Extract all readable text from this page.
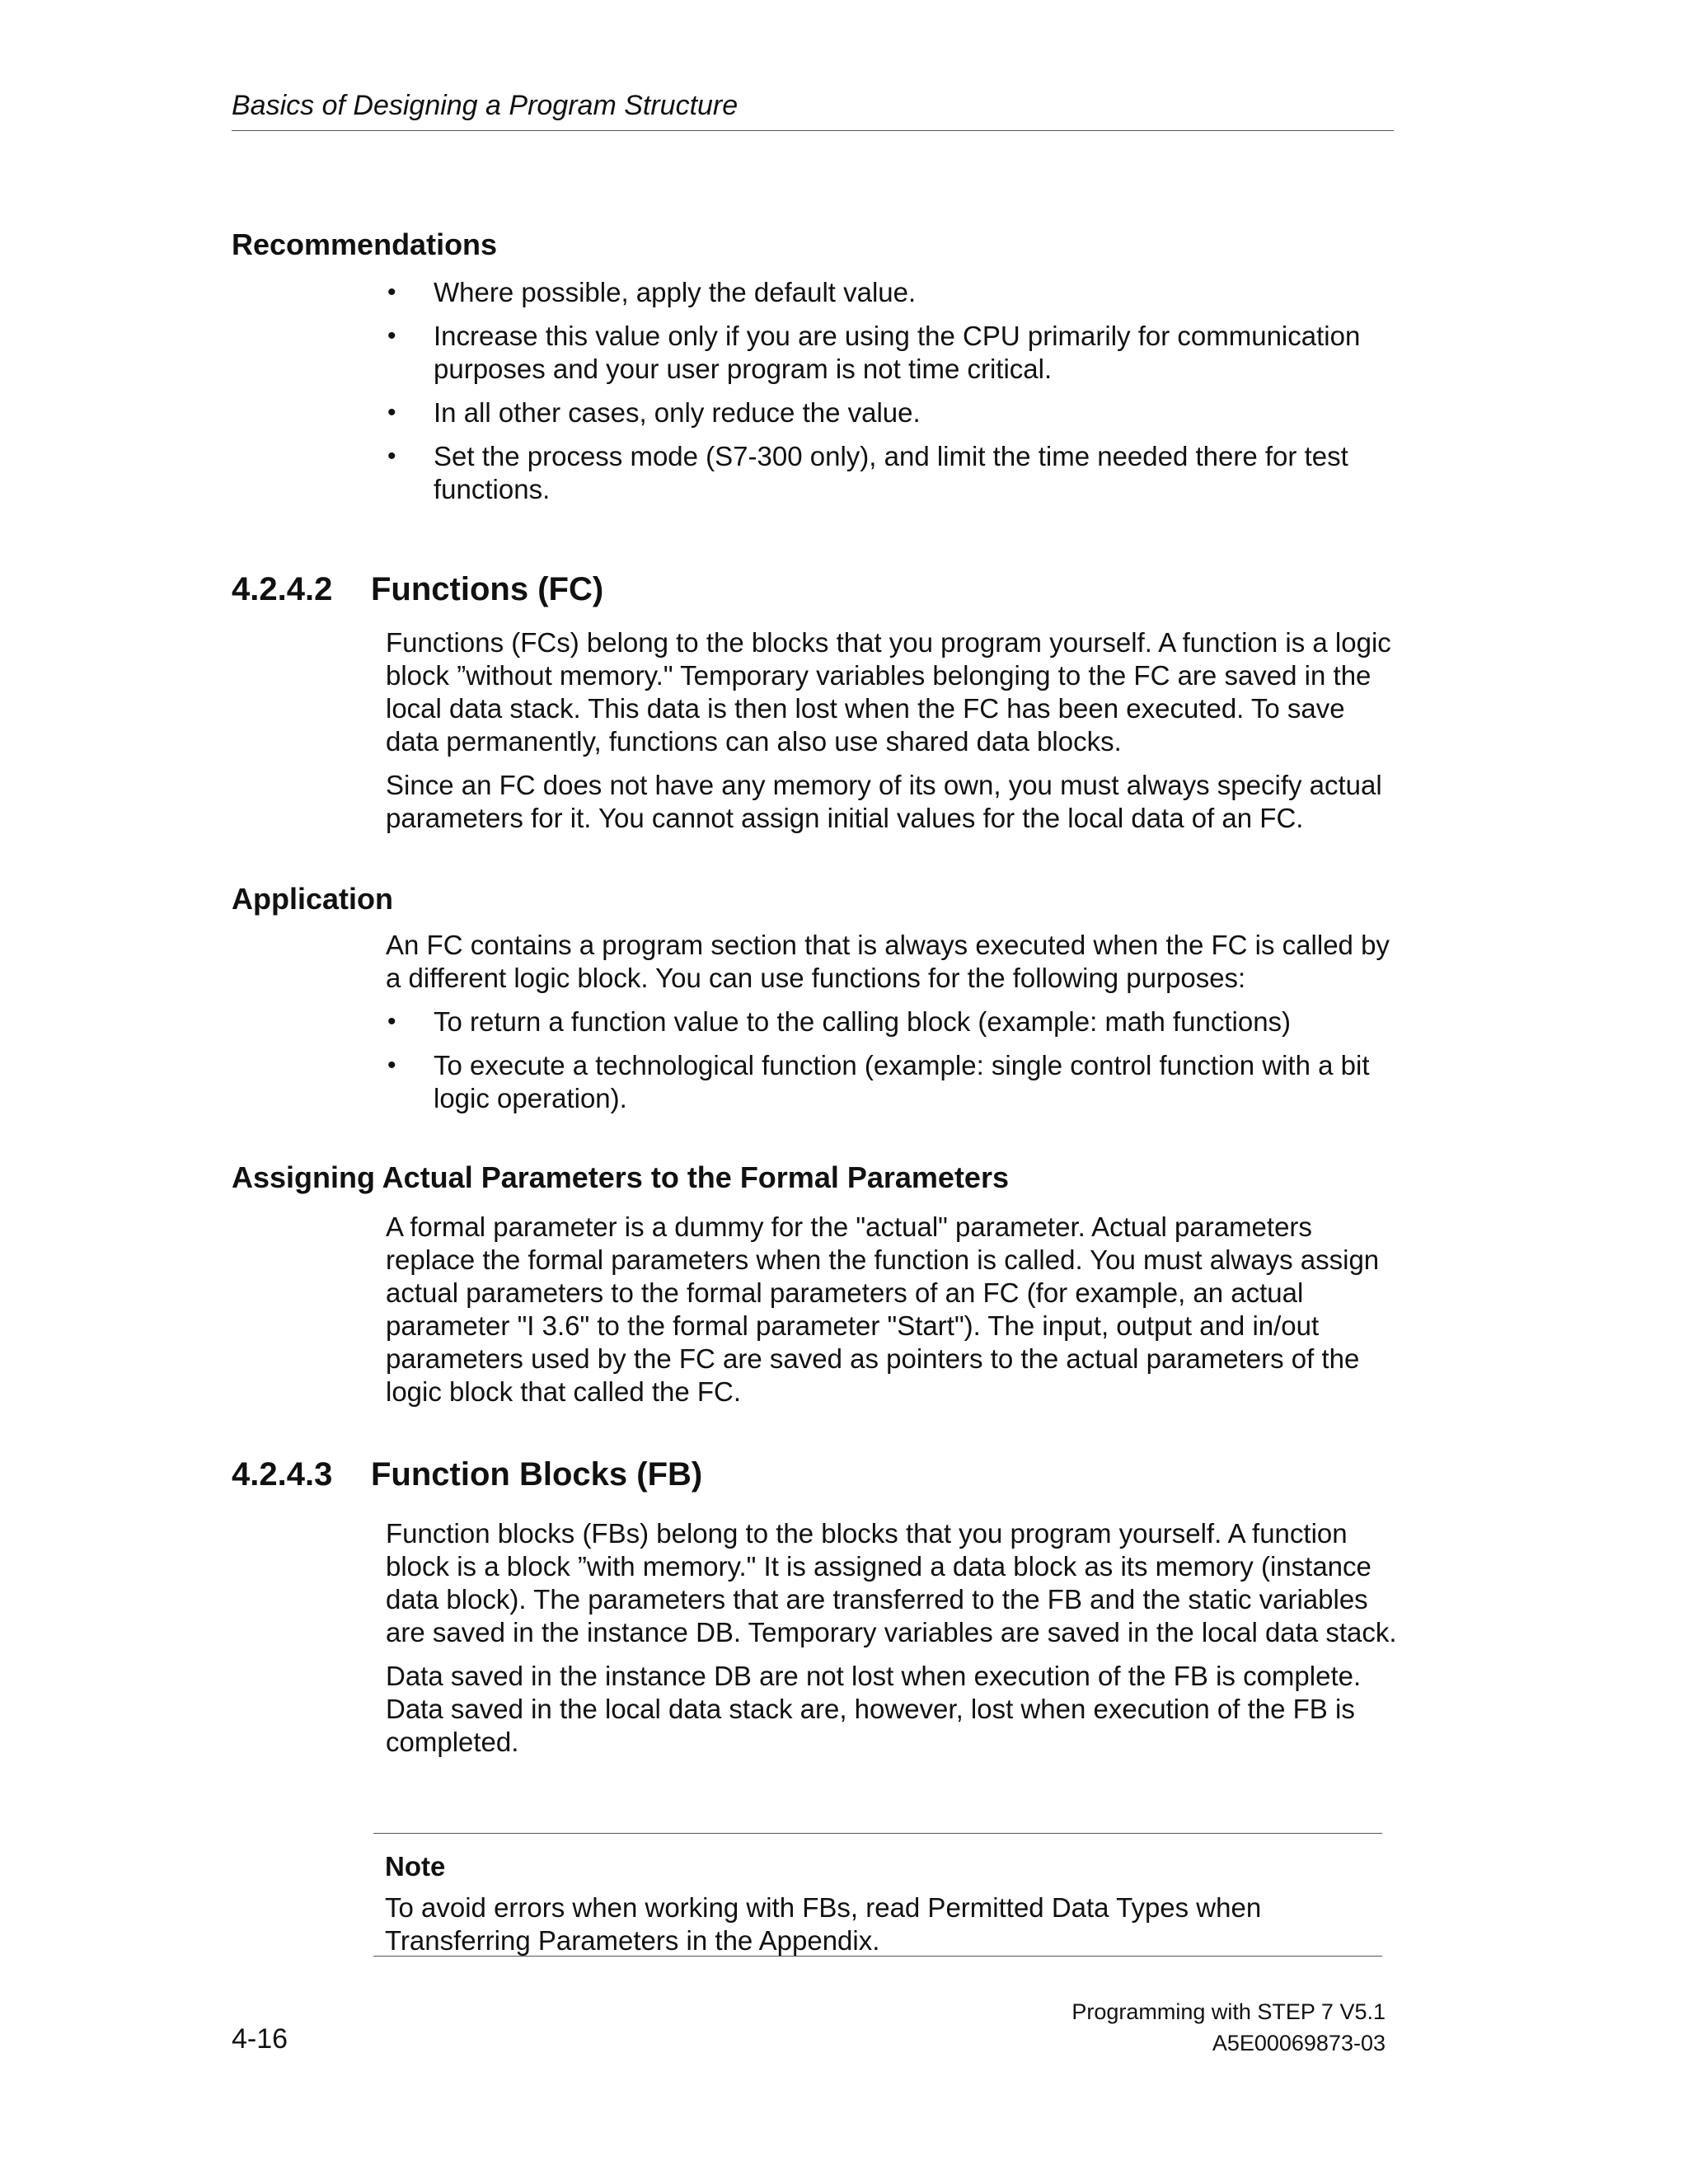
Basics of Designing a Program Structure
Recommendations
• Where possible, apply the default value.
• Increase this value only if you are using the CPU primarily for communication purposes and your user program is not time critical.
• In all other cases, only reduce the value.
• Set the process mode (S7-300 only), and limit the time needed there for test functions.
4.2.4.2 Functions (FC)

Functions (FCs) belong to the blocks that you program yourself. A function is a logic block ”without memory." Temporary variables belonging to the FC are saved in the local data stack. This data is then lost when the FC has been executed. To save data permanently, functions can also use shared data blocks.

Since an FC does not have any memory of its own, you must always specify actual parameters for it. You cannot assign initial values for the local data of an FC.

Application

An FC contains a program section that is always executed when the FC is called by a different logic block. You can use functions for the following purposes:

• To return a function value to the calling block (example: math functions)
• To execute a technological function (example: single control function with a bit logic operation).
Assigning Actual Parameters to the Formal Parameters

A formal parameter is a dummy for the "actual" parameter. Actual parameters replace the formal parameters when the function is called. You must always assign actual parameters to the formal parameters of an FC (for example, an actual parameter "I 3.6" to the formal parameter "Start"). The input, output and in/out parameters used by the FC are saved as pointers to the actual parameters of the logic block that called the FC.

4.2.4.3 Function Blocks (FB)

Function blocks (FBs) belong to the blocks that you program yourself. A function block is a block ”with memory." It is assigned a data block as its memory (instance data block). The parameters that are transferred to the FB and the static variables are saved in the instance DB. Temporary variables are saved in the local data stack.

Data saved in the instance DB are not lost when execution of the FB is complete. Data saved in the local data stack are, however, lost when execution of the FB is completed.

Note
To avoid errors when working with FBs, read Permitted Data Types when Transferring Parameters in the Appendix.
4-16
Programming with STEP 7 V5.1
A5E00069873-03
